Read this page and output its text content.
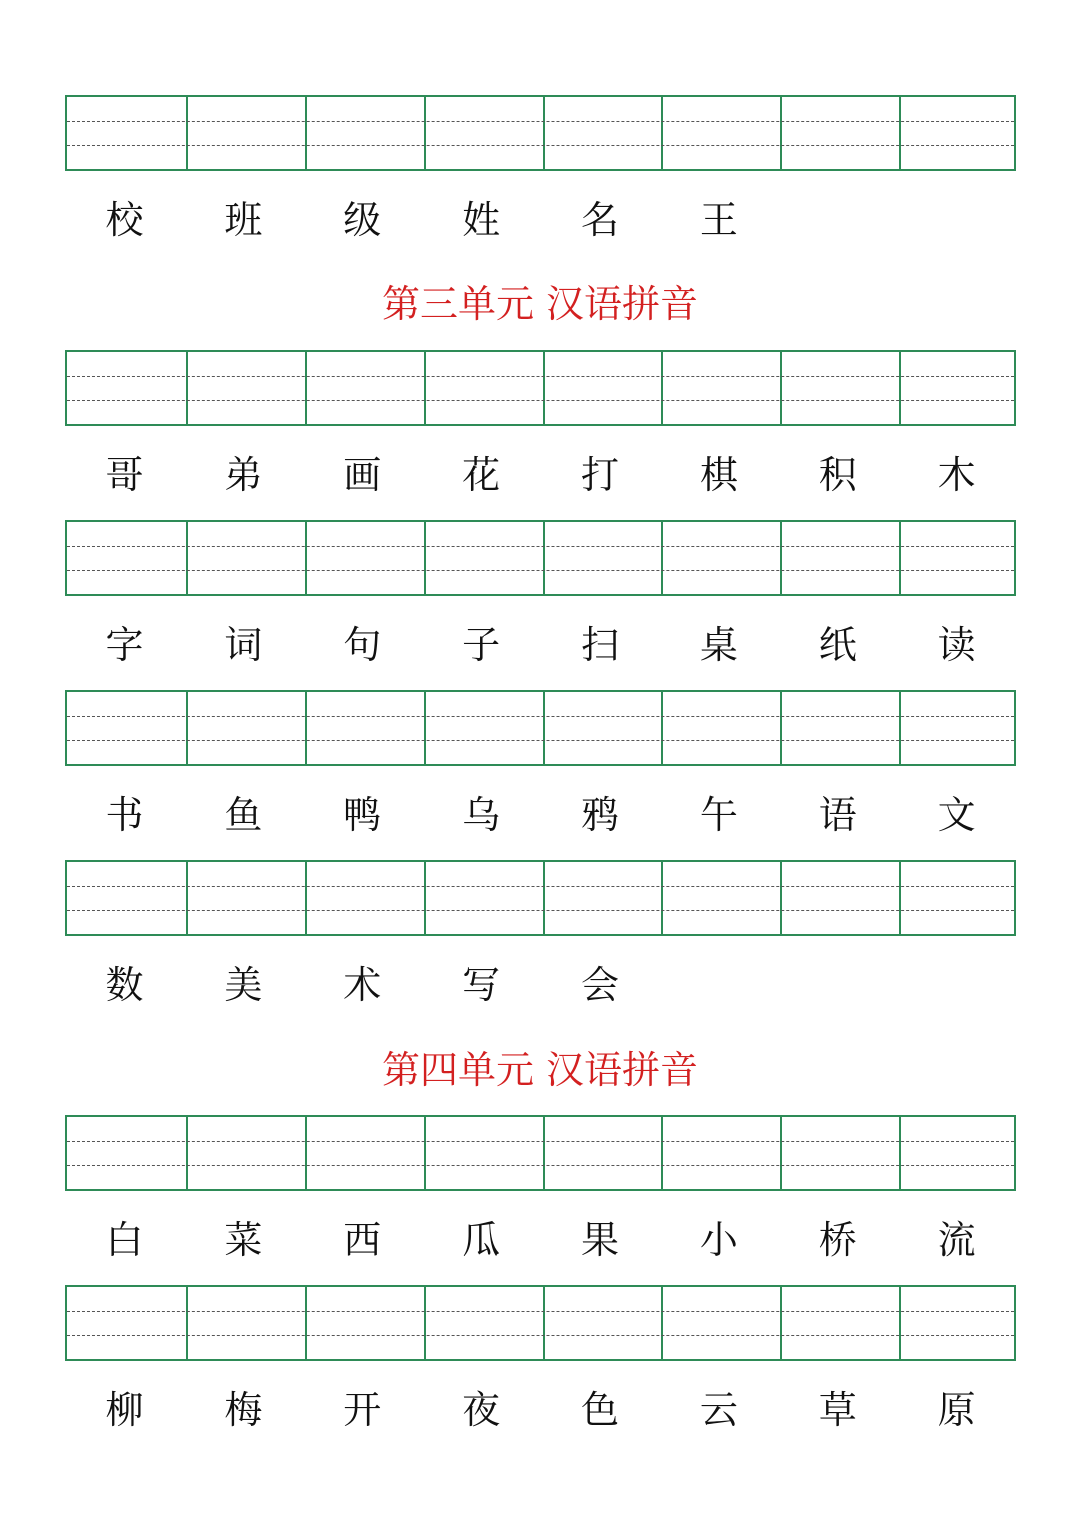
校	班	级	姓	名	王
第三单元 汉语拼音
哥	弟	画	花	打	棋	积	木
字	词	句	子	扫	桌	纸	读
书	鱼	鸭	乌	鸦	午	语	文
数	美	术	写	会
第四单元 汉语拼音
白	菜	西	瓜	果	小	桥	流
柳	梅	开	夜	色	云	草	原
